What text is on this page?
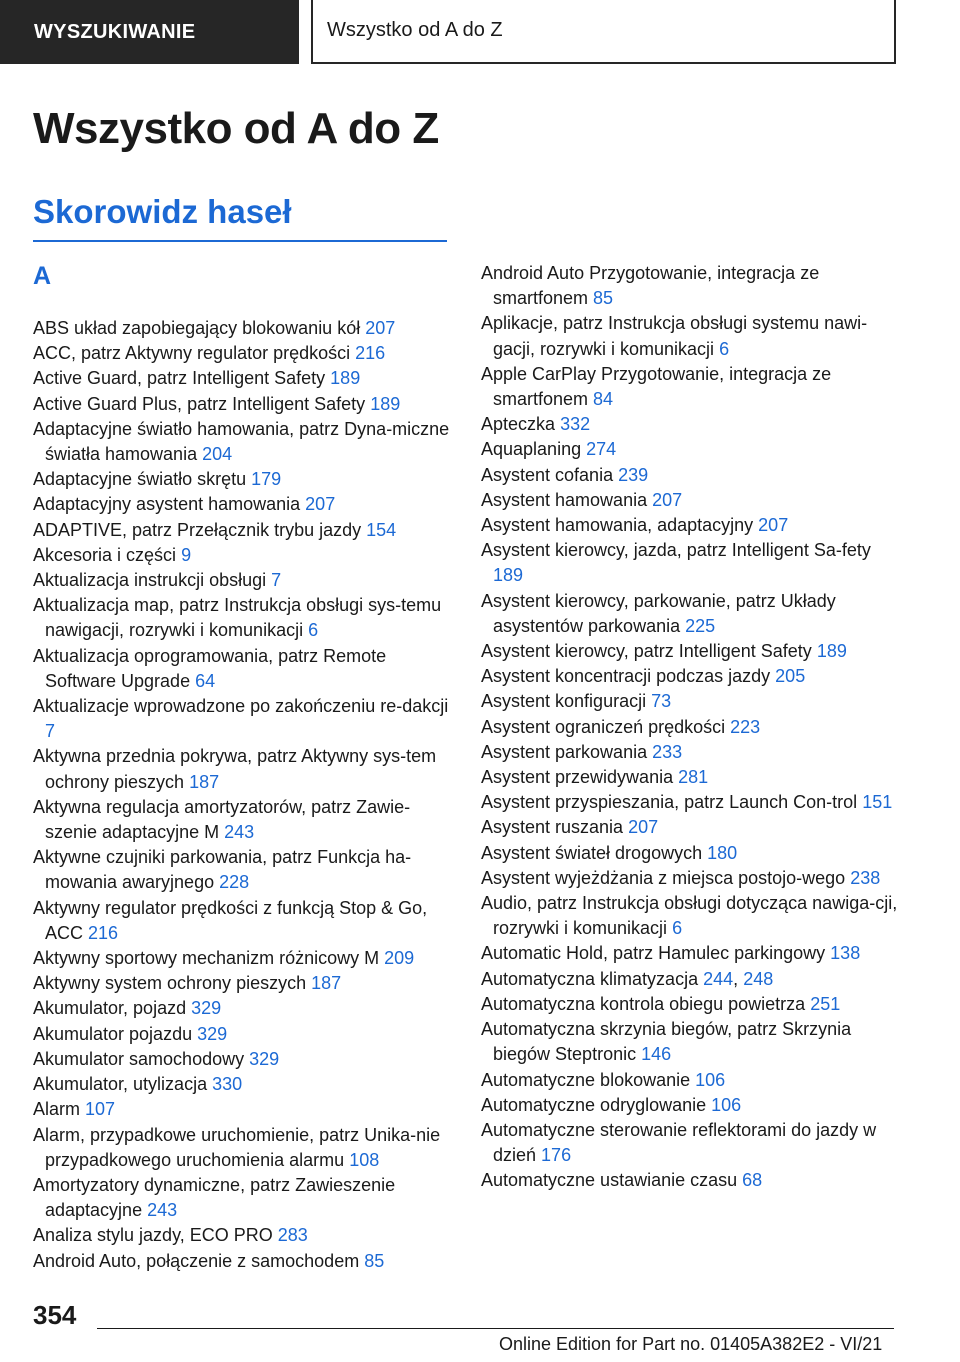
WYSZUKIWANIE	Wszystko od A do Z
Wszystko od A do Z
Skorowidz haseł
A
ABS układ zapobiegający blokowaniu kół 207
ACC, patrz Aktywny regulator prędkości 216
Active Guard, patrz Intelligent Safety 189
Active Guard Plus, patrz Intelligent Safety 189
Adaptacyjne światło hamowania, patrz Dyna‐miczne światła hamowania 204
Adaptacyjne światło skrętu 179
Adaptacyjny asystent hamowania 207
ADAPTIVE, patrz Przełącznik trybu jazdy 154
Akcesoria i części 9
Aktualizacja instrukcji obsługi 7
Aktualizacja map, patrz Instrukcja obsługi sys‐temu nawigacji, rozrywki i komunikacji 6
Aktualizacja oprogramowania, patrz Remote Software Upgrade 64
Aktualizacje wprowadzone po zakończeniu re‐dakcji 7
Aktywna przednia pokrywa, patrz Aktywny sys‐tem ochrony pieszych 187
Aktywna regulacja amortyzatorów, patrz Zawie‐szenie adaptacyjne M 243
Aktywne czujniki parkowania, patrz Funkcja ha‐mowania awaryjnego 228
Aktywny regulator prędkości z funkcją Stop & Go, ACC 216
Aktywny sportowy mechanizm różnicowy M 209
Aktywny system ochrony pieszych 187
Akumulator, pojazd 329
Akumulator pojazdu 329
Akumulator samochodowy 329
Akumulator, utylizacja 330
Alarm 107
Alarm, przypadkowe uruchomienie, patrz Unika‐nie przypadkowego uruchomienia alarmu 108
Amortyzatory dynamiczne, patrz Zawieszenie adaptacyjne 243
Analiza stylu jazdy, ECO PRO 283
Android Auto, połączenie z samochodem 85
Android Auto Przygotowanie, integracja ze smartfonem 85
Aplikacje, patrz Instrukcja obsługi systemu nawi‐gacji, rozrywki i komunikacji 6
Apple CarPlay Przygotowanie, integracja ze smartfonem 84
Apteczka 332
Aquaplaning 274
Asystent cofania 239
Asystent hamowania 207
Asystent hamowania, adaptacyjny 207
Asystent kierowcy, jazda, patrz Intelligent Sa‐fety 189
Asystent kierowcy, parkowanie, patrz Układy asystentów parkowania 225
Asystent kierowcy, patrz Intelligent Safety 189
Asystent koncentracji podczas jazdy 205
Asystent konfiguracji 73
Asystent ograniczeń prędkości 223
Asystent parkowania 233
Asystent przewidywania 281
Asystent przyspieszania, patrz Launch Con‐trol 151
Asystent ruszania 207
Asystent świateł drogowych 180
Asystent wyjeżdżania z miejsca postojo‐wego 238
Audio, patrz Instrukcja obsługi dotycząca nawiga‐cji, rozrywki i komunikacji 6
Automatic Hold, patrz Hamulec parkingowy 138
Automatyczna klimatyzacja 244, 248
Automatyczna kontrola obiegu powietrza 251
Automatyczna skrzynia biegów, patrz Skrzynia biegów Steptronic 146
Automatyczne blokowanie 106
Automatyczne odryglowanie 106
Automatyczne sterowanie reflektorami do jazdy w dzień 176
Automatyczne ustawianie czasu 68
354
Online Edition for Part no. 01405A382E2 - VI/21
